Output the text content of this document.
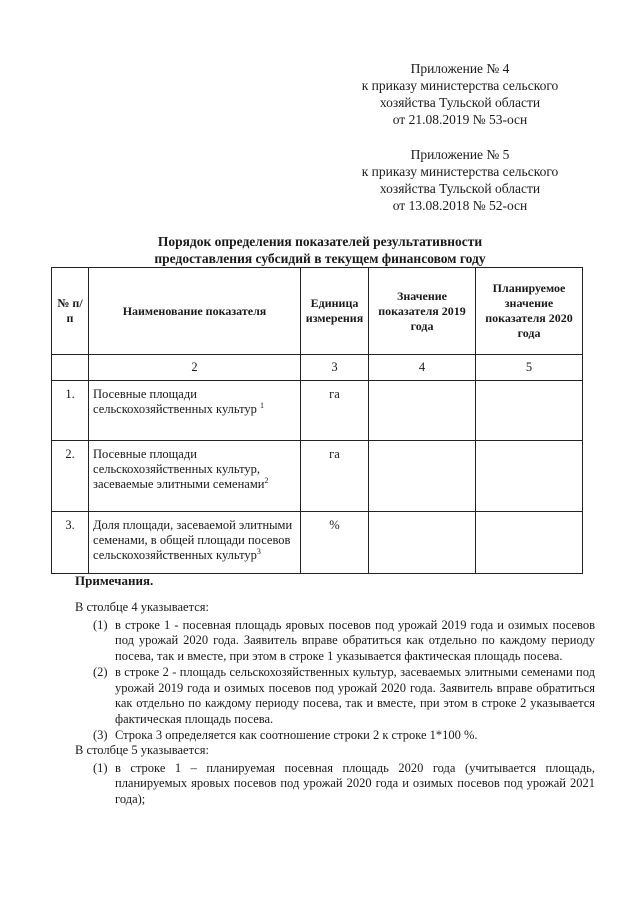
Приложение № 4
к приказу министерства сельского
хозяйства Тульской области
от 21.08.2019 № 53-осн
Приложение № 5
к приказу министерства сельского
хозяйства Тульской области
от 13.08.2018 № 52-осн
Порядок определения показателей результативности
предоставления субсидий в текущем финансовом году
№ п/п	Наименование показателя	Единица измерения	Значение показателя 2019 года	Планируемое значение показателя 2020 года
	2	3	4	5
1.	Посевные площади сельскохозяйственных культур $^1$	га		
2.	Посевные площади сельскохозяйственных культур, засеваемые элитными семенами$^2$	га		
3.	Доля площади, засеваемой элитными семенами, в общей площади посевов сельскохозяйственных культур$^3$	%		
Примечания.

В столбце 4 указывается:

(1) в строке 1 - посевная площадь яровых посевов под урожай 2019 года и озимых посевов под урожай 2020 года. Заявитель вправе обратиться как отдельно по каждому периоду посева, так и вместе, при этом в строке 1 указывается фактическая площадь посева.
(2) в строке 2 - площадь сельскохозяйственных культур, засеваемых элитными семенами под урожай 2019 года и озимых посевов под урожай 2020 года. Заявитель вправе обратиться как отдельно по каждому периоду посева, так и вместе, при этом в строке 2 указывается фактическая площадь посева.
(3) Строка 3 определяется как соотношение строки 2 к строке 1*100 %.

В столбце 5 указывается:

(1) в строке 1 – планируемая посевная площадь 2020 года (учитывается площадь, планируемых яровых посевов под урожай 2020 года и озимых посевов под урожай 2021 года);
